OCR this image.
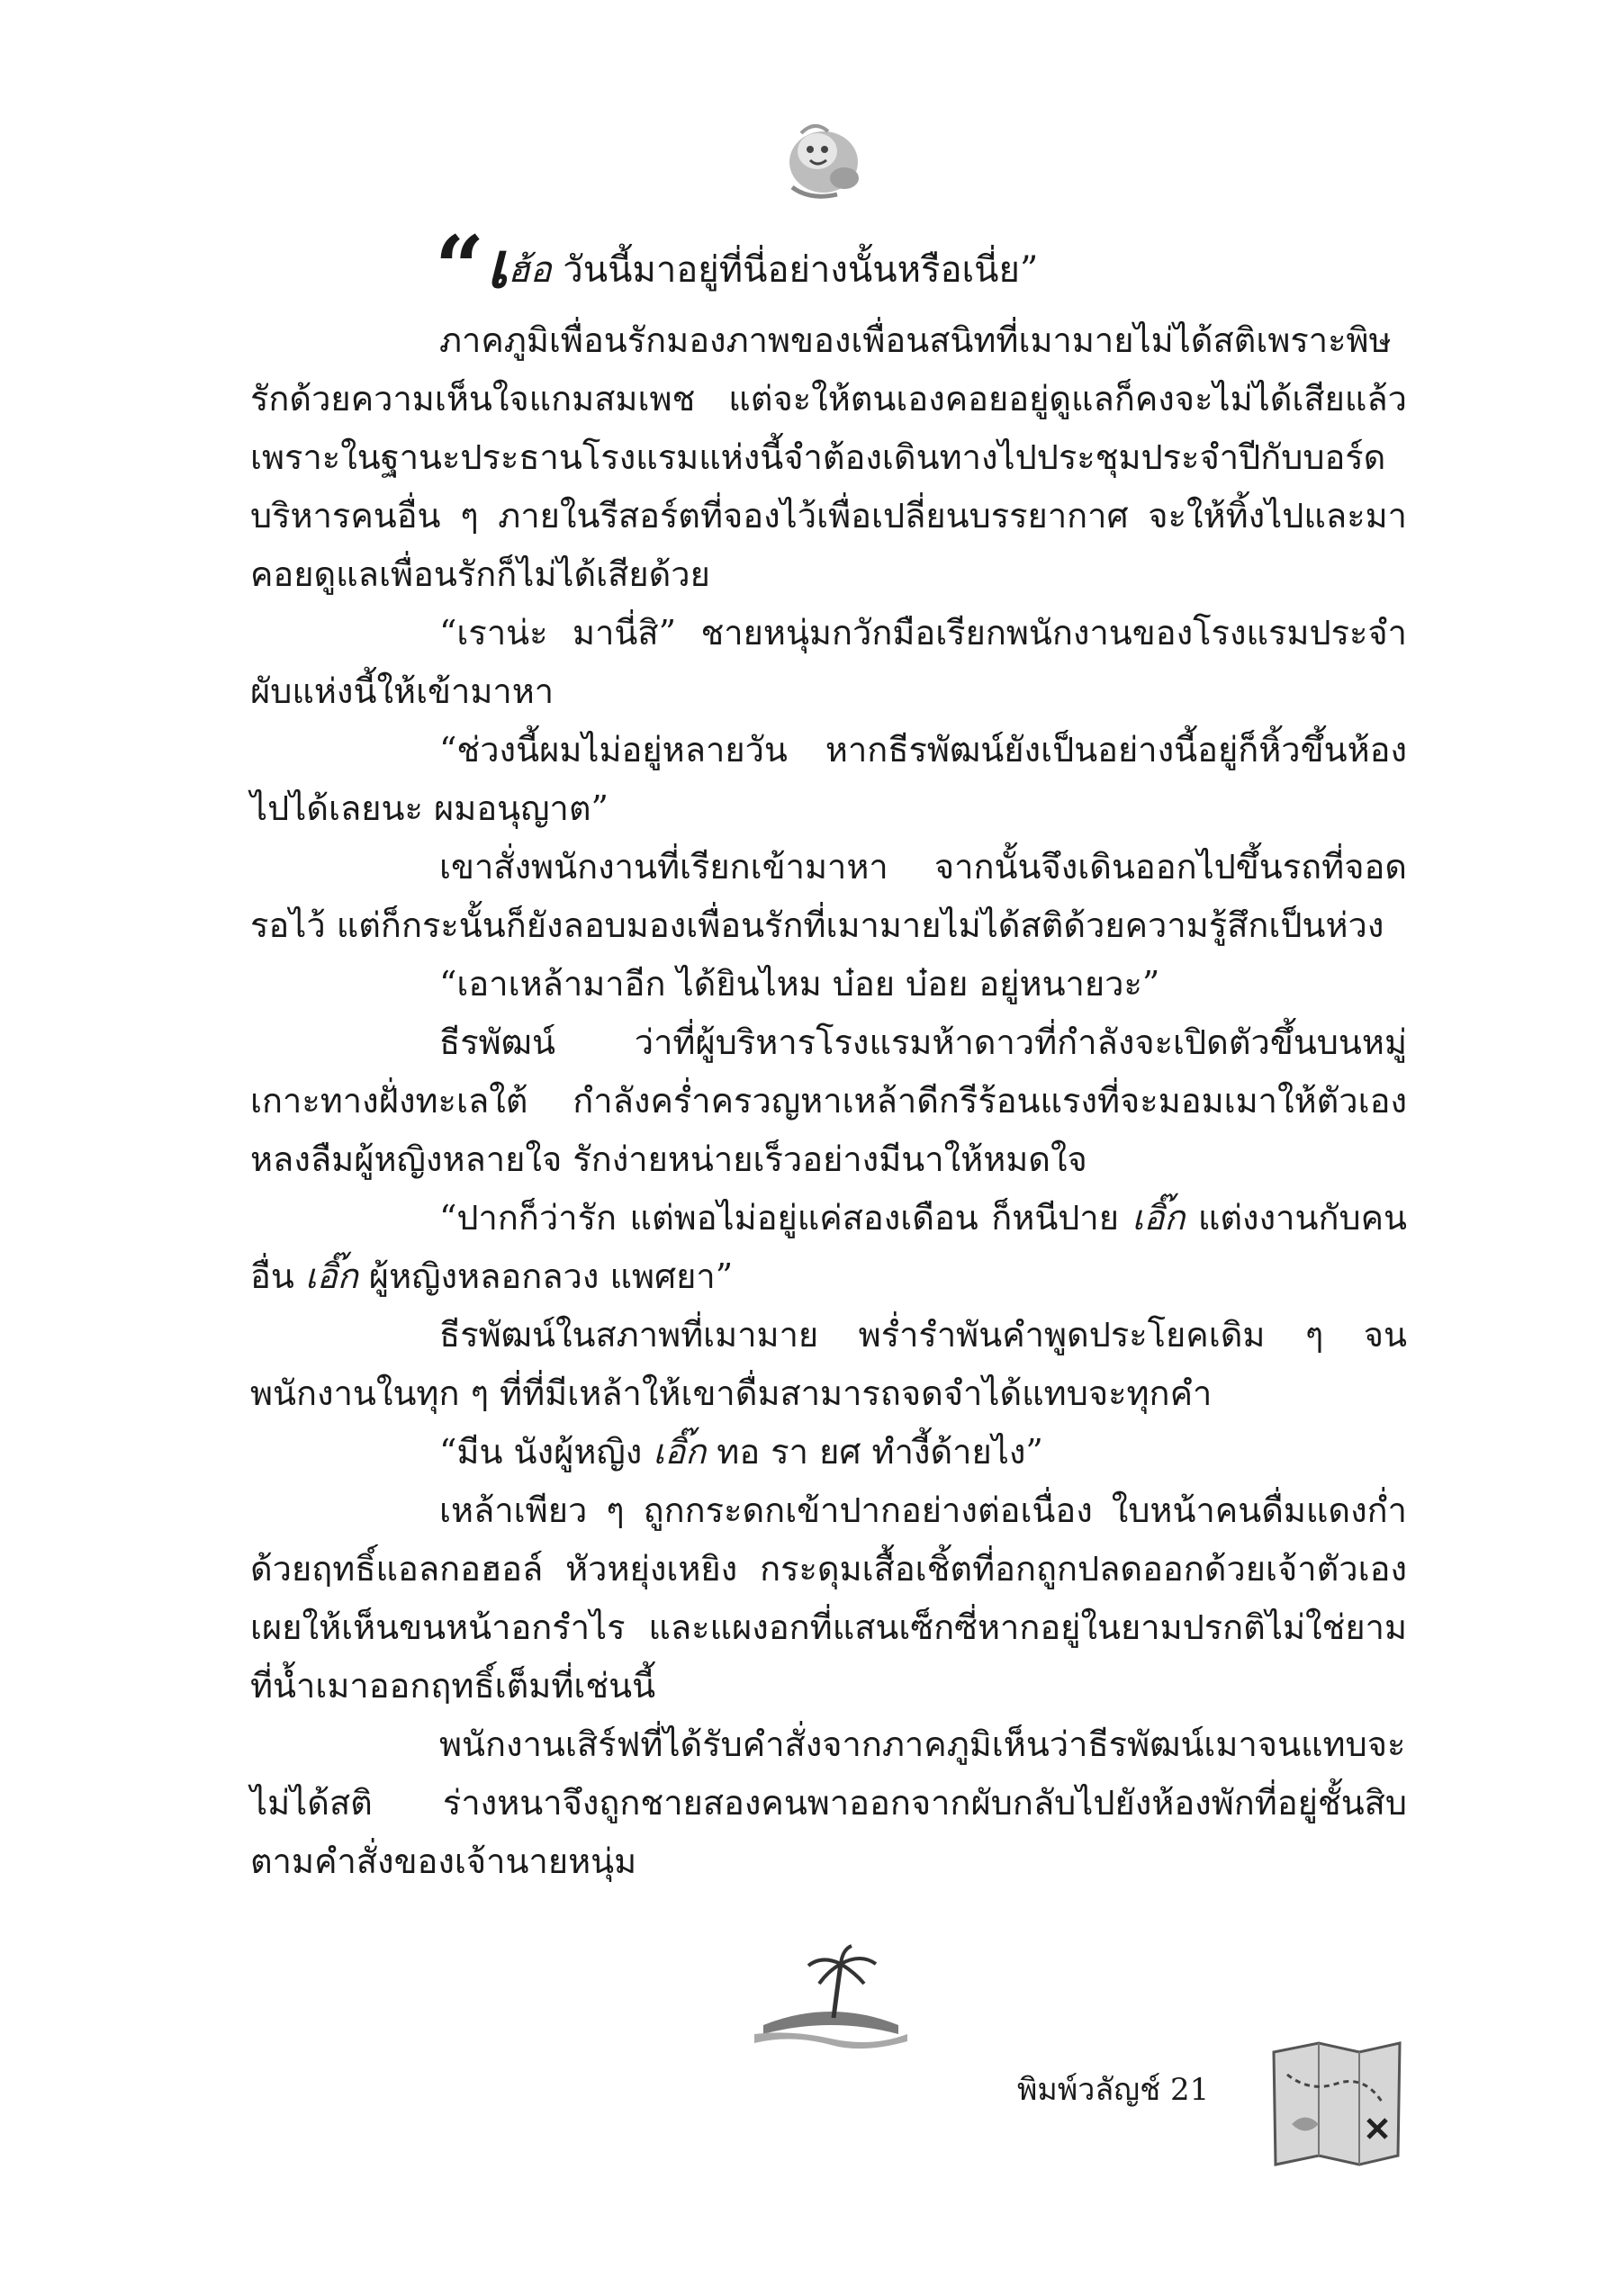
“เฮ้อ วันนี้มาอยู่ที่นี่อย่างนั้นหรือเนี่ย”

ภาคภูมิเพื่อนรักมองภาพของเพื่อนสนิทที่เมามายไม่ได้สติเพราะพิษรักด้วยความเห็นใจแกมสมเพช แต่จะให้ตนเองคอยอยู่ดูแลก็คงจะไม่ได้เสียแล้ว เพราะในฐานะประธานโรงแรมแห่งนี้จำต้องเดินทางไปประชุมประจำปีกับบอร์ดบริหารคนอื่น ๆ ภายในรีสอร์ตที่จองไว้เพื่อเปลี่ยนบรรยากาศ จะให้ทิ้งไปและมาคอยดูแลเพื่อนรักก็ไม่ได้เสียด้วย

“เราน่ะ มานี่สิ” ชายหนุ่มกวักมือเรียกพนักงานของโรงแรมประจำผับแห่งนี้ให้เข้ามาหา

“ช่วงนี้ผมไม่อยู่หลายวัน หากธีรพัฒน์ยังเป็นอย่างนี้อยู่ก็หิ้วขึ้นห้องไปได้เลยนะ ผมอนุญาต”

เขาสั่งพนักงานที่เรียกเข้ามาหา จากนั้นจึงเดินออกไปขึ้นรถที่จอดรอไว้ แต่ก็กระนั้นก็ยังลอบมองเพื่อนรักที่เมามายไม่ได้สติด้วยความรู้สึกเป็นห่วง

“เอาเหล้ามาอีก ได้ยินไหม บ๋อย บ๋อย อยู่หนายวะ”

ธีรพัฒน์ ว่าที่ผู้บริหารโรงแรมห้าดาวที่กำลังจะเปิดตัวขึ้นบนหมู่เกาะทางฝั่งทะเลใต้ กำลังคร่ำครวญหาเหล้าดีกรีร้อนแรงที่จะมอมเมาให้ตัวเองหลงลืมผู้หญิงหลายใจ รักง่ายหน่ายเร็วอย่างมีนาให้หมดใจ

“ปากก็ว่ารัก แต่พอไม่อยู่แค่สองเดือน ก็หนีปาย เอิ๊ก แต่งงานกับคนอื่น เอิ๊ก ผู้หญิงหลอกลวง แพศยา”

ธีรพัฒน์ในสภาพที่เมามาย พร่ำรำพันคำพูดประโยคเดิม ๆ จนพนักงานในทุก ๆ ที่ที่มีเหล้าให้เขาดื่มสามารถจดจำได้แทบจะทุกคำ

“มีน นังผู้หญิง เอิ๊ก ทอ รา ยศ ทำงี้ด้ายไง”

เหล้าเพียว ๆ ถูกกระดกเข้าปากอย่างต่อเนื่อง ใบหน้าคนดื่มแดงก่ำด้วยฤทธิ์แอลกอฮอล์ หัวหยุ่งเหยิง กระดุมเสื้อเชิ้ตที่อกถูกปลดออกด้วยเจ้าตัวเอง เผยให้เห็นขนหน้าอกรำไร และแผงอกที่แสนเซ็กซี่หากอยู่ในยามปรกติไม่ใช่ยามที่น้ำเมาออกฤทธิ์เต็มที่เช่นนี้

พนักงานเสิร์ฟที่ได้รับคำสั่งจากภาคภูมิเห็นว่าธีรพัฒน์เมาจนแทบจะไม่ได้สติ ร่างหนาจึงถูกชายสองคนพาออกจากผับกลับไปยังห้องพักที่อยู่ชั้นสิบ ตามคำสั่งของเจ้านายหนุ่ม

พิมพ์วลัญช์ 21
